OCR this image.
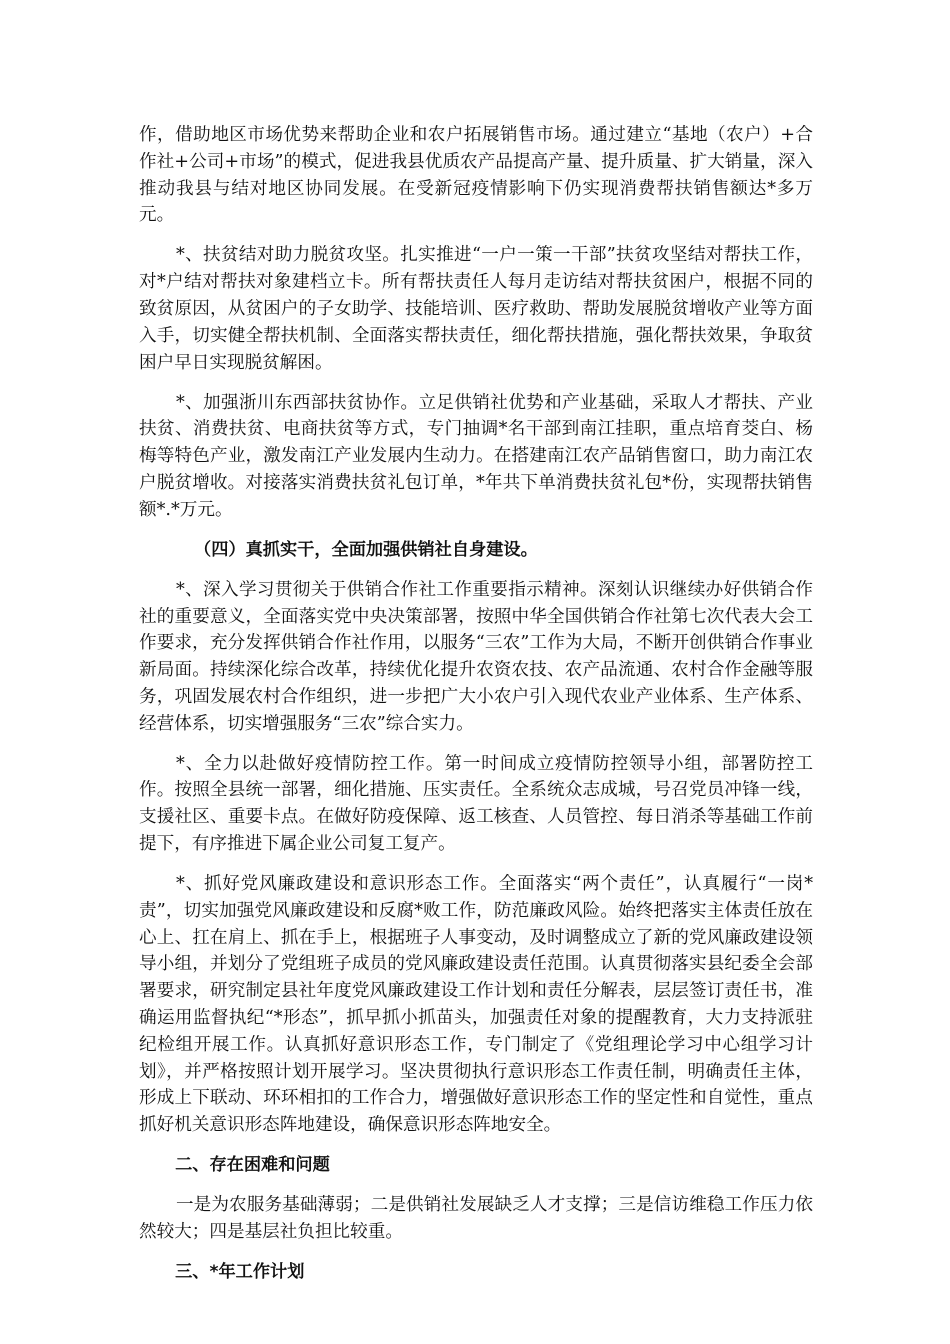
作，借助地区市场优势来帮助企业和农户拓展销售市场。通过建立“基地（农户）+合作社+公司+市场”的模式，促进我县优质农产品提高产量、提升质量、扩大销量，深入推动我县与结对地区协同发展。在受新冠疫情影响下仍实现消费帮扶销售额达*多万元。

*、扶贫结对助力脱贫攻坚。扎实推进“一户一策一干部”扶贫攻坚结对帮扶工作，对*户结对帮扶对象建档立卡。所有帮扶责任人每月走访结对帮扶贫困户，根据不同的致贫原因，从贫困户的子女助学、技能培训、医疗救助、帮助发展脱贫增收产业等方面入手，切实健全帮扶机制、全面落实帮扶责任，细化帮扶措施，强化帮扶效果，争取贫困户早日实现脱贫解困。

*、加强浙川东西部扶贫协作。立足供销社优势和产业基础，采取人才帮扶、产业扶贫、消费扶贫、电商扶贫等方式，专门抽调*名干部到南江挂职，重点培育茭白、杨梅等特色产业，激发南江产业发展内生动力。在搭建南江农产品销售窗口，助力南江农户脱贫增收。对接落实消费扶贫礼包订单，*年共下单消费扶贫礼包*份，实现帮扶销售额*.*万元。

（四）真抓实干，全面加强供销社自身建设。

*、深入学习贯彻关于供销合作社工作重要指示精神。深刻认识继续办好供销合作社的重要意义，全面落实党中央决策部署，按照中华全国供销合作社第七次代表大会工作要求，充分发挥供销合作社作用，以服务“三农”工作为大局，不断开创供销合作事业新局面。持续深化综合改革，持续优化提升农资农技、农产品流通、农村合作金融等服务，巩固发展农村合作组织，进一步把广大小农户引入现代农业产业体系、生产体系、经营体系，切实增强服务“三农”综合实力。

*、全力以赴做好疫情防控工作。第一时间成立疫情防控领导小组，部署防控工作。按照全县统一部署，细化措施、压实责任。全系统众志成城，号召党员冲锋一线，支援社区、重要卡点。在做好防疫保障、返工核查、人员管控、每日消杀等基础工作前提下，有序推进下属企业公司复工复产。

*、抓好党风廉政建设和意识形态工作。全面落实“两个责任”，认真履行“一岗*责”，切实加强党风廉政建设和反腐*败工作，防范廉政风险。始终把落实主体责任放在心上、扛在肩上、抓在手上，根据班子人事变动，及时调整成立了新的党风廉政建设领导小组，并划分了党组班子成员的党风廉政建设责任范围。认真贯彻落实县纪委全会部署要求，研究制定县社年度党风廉政建设工作计划和责任分解表，层层签订责任书，准确运用监督执纪“*形态”，抓早抓小抓苗头，加强责任对象的提醒教育，大力支持派驻纪检组开展工作。认真抓好意识形态工作，专门制定了《党组理论学习中心组学习计划》，并严格按照计划开展学习。坚决贯彻执行意识形态工作责任制，明确责任主体，形成上下联动、环环相扣的工作合力，增强做好意识形态工作的坚定性和自觉性，重点抓好机关意识形态阵地建设，确保意识形态阵地安全。

二、存在困难和问题

一是为农服务基础薄弱；二是供销社发展缺乏人才支撑；三是信访维稳工作压力依然较大；四是基层社负担比较重。

三、*年工作计划
